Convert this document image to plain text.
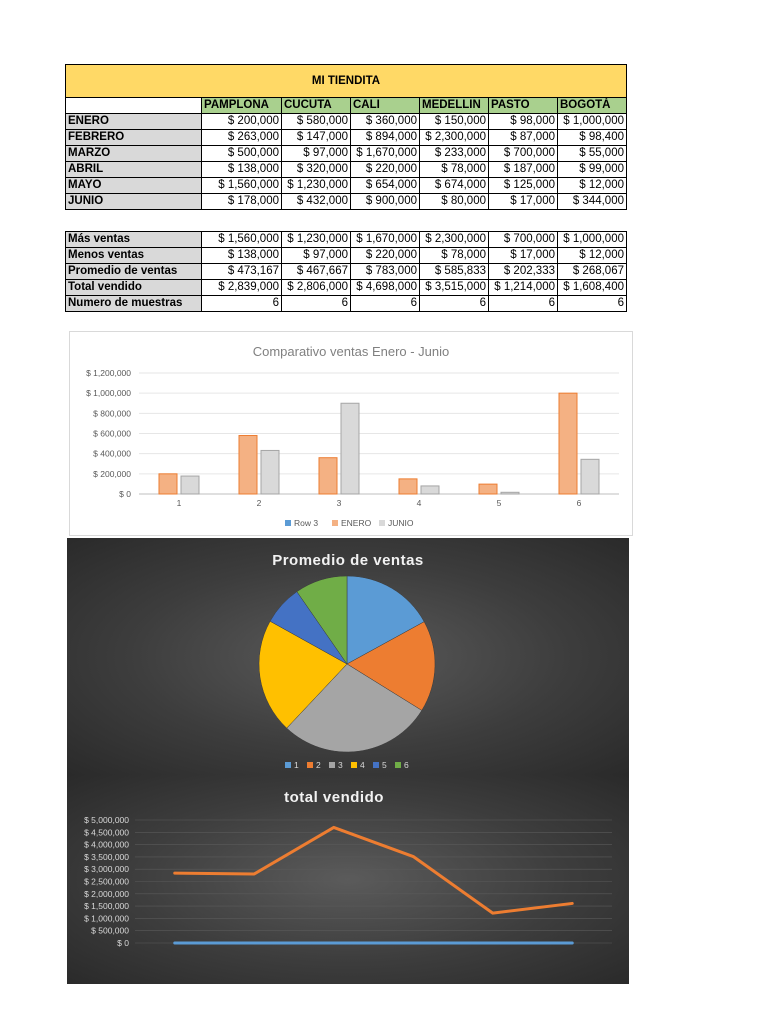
MI TIENDITA						
	PAMPLONA	CUCUTA	CALI	MEDELLIN	PASTO	BOGOTÁ
ENERO	$ 200,000	$ 580,000	$ 360,000	$ 150,000	$ 98,000	$ 1,000,000
FEBRERO	$ 263,000	$ 147,000	$ 894,000	$ 2,300,000	$ 87,000	$ 98,400
MARZO	$ 500,000	$ 97,000	$ 1,670,000	$ 233,000	$ 700,000	$ 55,000
ABRIL	$ 138,000	$ 320,000	$ 220,000	$ 78,000	$ 187,000	$ 99,000
MAYO	$ 1,560,000	$ 1,230,000	$ 654,000	$ 674,000	$ 125,000	$ 12,000
JUNIO	$ 178,000	$ 432,000	$ 900,000	$ 80,000	$ 17,000	$ 344,000
Más ventas	$ 1,560,000	$ 1,230,000	$ 1,670,000	$ 2,300,000	$ 700,000	$ 1,000,000
Menos ventas	$ 138,000	$ 97,000	$ 220,000	$ 78,000	$ 17,000	$ 12,000
Promedio de ventas	$ 473,167	$ 467,667	$ 783,000	$ 585,833	$ 202,333	$ 268,067
Total vendido	$ 2,839,000	$ 2,806,000	$ 4,698,000	$ 3,515,000	$ 1,214,000	$ 1,608,400
Numero de muestras	6	6	6	6	6	6
Comparativo ventas Enero - Junio
$ 0
$ 200,000
$ 400,000
$ 600,000
$ 800,000
$ 1,000,000
$ 1,200,000
1	2	3	4	5	6
Row 3	ENERO JUNIO
Promedio de ventas
1 2 3 4 5 6
total vendido
$ 0
$ 500,000
$ 1,000,000
$ 1,500,000
$ 2,000,000
$ 2,500,000
$ 3,000,000
$ 3,500,000
$ 4,000,000
$ 4,500,000
$ 5,000,000
